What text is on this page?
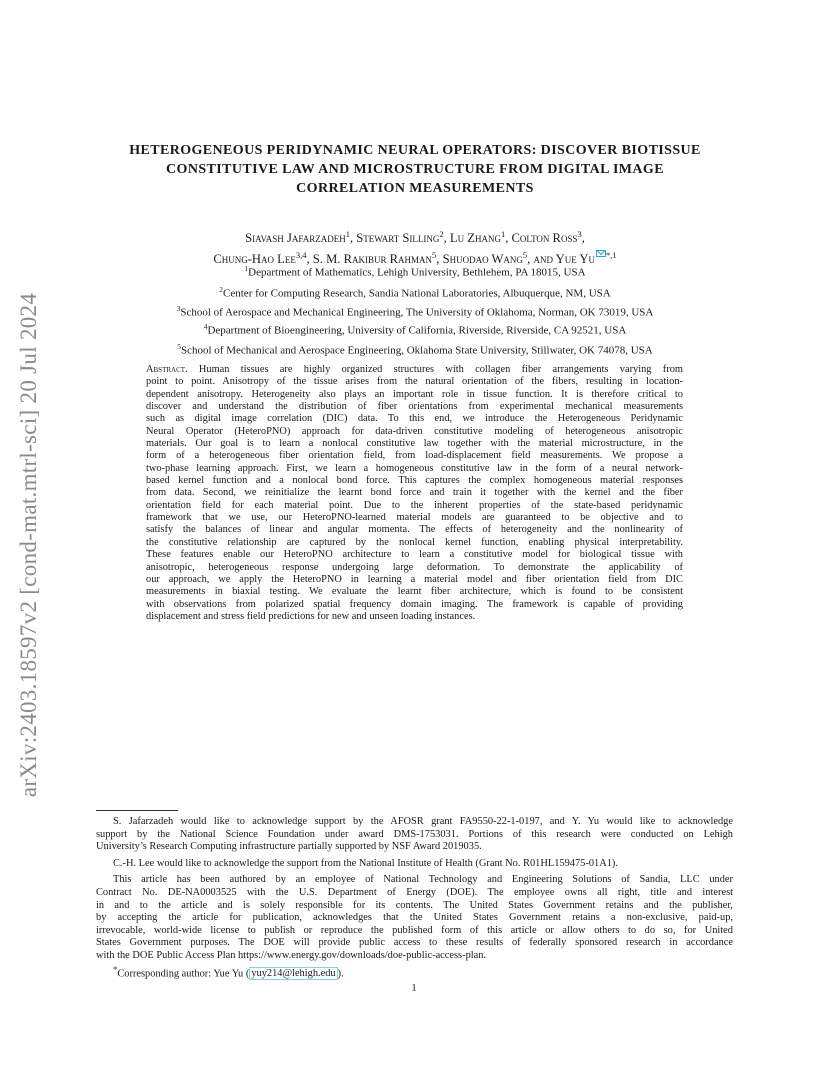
arXiv:2403.18597v2 [cond-mat.mtrl-sci] 20 Jul 2024
HETEROGENEOUS PERIDYNAMIC NEURAL OPERATORS: DISCOVER BIOTISSUE
CONSTITUTIVE LAW AND MICROSTRUCTURE FROM DIGITAL IMAGE
CORRELATION MEASUREMENTS
Siavash Jafarzadeh$^1$, Stewart Silling$^2$, Lu Zhang$^1$, Colton Ross$^3$,
Chung-Hao Lee$^{3,4}$, S. M. Rakibur Rahman$^5$, Shuodao Wang$^5$, and Yue Yu $^{*,1}$
$^1$Department of Mathematics, Lehigh University, Bethlehem, PA 18015, USA
$^2$Center for Computing Research, Sandia National Laboratories, Albuquerque, NM, USA
$^3$School of Aerospace and Mechanical Engineering, The University of Oklahoma, Norman, OK 73019, USA
$^4$Department of Bioengineering, University of California, Riverside, Riverside, CA 92521, USA
$^5$School of Mechanical and Aerospace Engineering, Oklahoma State University, Stillwater, OK 74078, USA
Abstract. Human tissues are highly organized structures with collagen fiber arrangements varying from
point to point. Anisotropy of the tissue arises from the natural orientation of the fibers, resulting in location-
dependent anisotropy. Heterogeneity also plays an important role in tissue function. It is therefore critical to
discover and understand the distribution of fiber orientations from experimental mechanical measurements
such as digital image correlation (DIC) data. To this end, we introduce the Heterogeneous Peridynamic
Neural Operator (HeteroPNO) approach for data-driven constitutive modeling of heterogeneous anisotropic
materials. Our goal is to learn a nonlocal constitutive law together with the material microstructure, in the
form of a heterogeneous fiber orientation field, from load-displacement field measurements. We propose a
two-phase learning approach. First, we learn a homogeneous constitutive law in the form of a neural network-
based kernel function and a nonlocal bond force. This captures the complex homogeneous material responses
from data. Second, we reinitialize the learnt bond force and train it together with the kernel and the fiber
orientation field for each material point. Due to the inherent properties of the state-based peridynamic
framework that we use, our HeteroPNO-learned material models are guaranteed to be objective and to
satisfy the balances of linear and angular momenta. The effects of heterogeneity and the nonlinearity of
the constitutive relationship are captured by the nonlocal kernel function, enabling physical interpretability.
These features enable our HeteroPNO architecture to learn a constitutive model for biological tissue with
anisotropic, heterogeneous response undergoing large deformation. To demonstrate the applicability of
our approach, we apply the HeteroPNO in learning a material model and fiber orientation field from DIC
measurements in biaxial testing. We evaluate the learnt fiber architecture, which is found to be consistent
with observations from polarized spatial frequency domain imaging. The framework is capable of providing
displacement and stress field predictions for new and unseen loading instances.
S. Jafarzadeh would like to acknowledge support by the AFOSR grant FA9550-22-1-0197, and Y. Yu would like to acknowledge
support by the National Science Foundation under award DMS-1753031. Portions of this research were conducted on Lehigh
University’s Research Computing infrastructure partially supported by NSF Award 2019035.
C.-H. Lee would like to acknowledge the support from the National Institute of Health (Grant No. R01HL159475-01A1).
This article has been authored by an employee of National Technology and Engineering Solutions of Sandia, LLC under
Contract No. DE-NA0003525 with the U.S. Department of Energy (DOE). The employee owns all right, title and interest
in and to the article and is solely responsible for its contents. The United States Government retains and the publisher,
by accepting the article for publication, acknowledges that the United States Government retains a non-exclusive, paid-up,
irrevocable, world-wide license to publish or reproduce the published form of this article or allow others to do so, for United
States Government purposes. The DOE will provide public access to these results of federally sponsored research in accordance
with the DOE Public Access Plan https://www.energy.gov/downloads/doe-public-access-plan.
*Corresponding author: Yue Yu ( yuy214@lehigh.edu ).
1
